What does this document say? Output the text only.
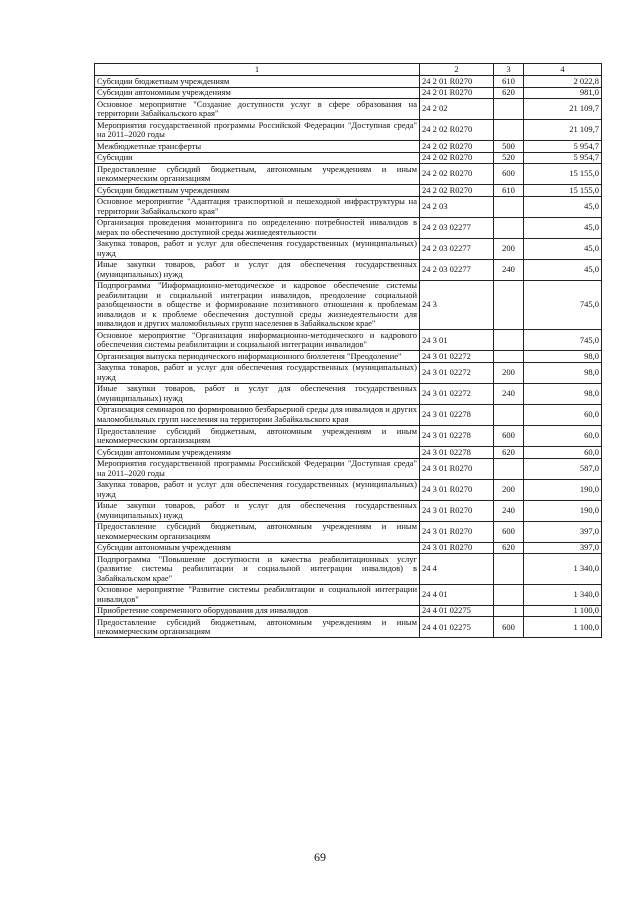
1	2	3	4
Субсидии бюджетным учреждениям	24 2 01 R0270	610	2 022,8
Субсидии автономным учреждениям	24 2 01 R0270	620	981,0
Основное мероприятие "Создание доступности услуг в сфере образования на территории Забайкальского края"	24 2 02		21 109,7
Мероприятия государственной программы Российской Федерации "Доступная среда" на 2011–2020 годы	24 2 02 R0270		21 109,7
Межбюджетные трансферты	24 2 02 R0270	500	5 954,7
Субсидии	24 2 02 R0270	520	5 954,7
Предоставление субсидий бюджетным, автономным учреждениям и иным некоммерческим организациям	24 2 02 R0270	600	15 155,0
Субсидии бюджетным учреждениям	24 2 02 R0270	610	15 155,0
Основное мероприятие "Адаптация транспортной и пешеходной инфраструктуры на территории Забайкальского края"	24 2 03		45,0
Организация проведения мониторинга по определению потребностей инвалидов в мерах по обеспечению доступной среды жизнедеятельности	24 2 03 02277		45,0
Закупка товаров, работ и услуг для обеспечения государственных (муниципальных) нужд	24 2 03 02277	200	45,0
Иные закупки товаров, работ и услуг для обеспечения государственных (муниципальных) нужд	24 2 03 02277	240	45,0
Подпрограмма "Информационно-методическое и кадровое обеспечение системы реабилитации и социальной интеграции инвалидов, преодоление социальной разобщенности в обществе и формирование позитивного отношения к проблемам инвалидов и к проблеме обеспечения доступной среды жизнедеятельности для инвалидов и других маломобильных групп населения в Забайкальском крае"	24 3		745,0
Основное мероприятие "Организация информационно-методического и кадрового обеспечения системы реабилитации и социальной интеграции инвалидов"	24 3 01		745,0
Организация выпуска периодического информационного бюллетеня "Преодоление"	24 3 01 02272		98,0
Закупка товаров, работ и услуг для обеспечения государственных (муниципальных) нужд	24 3 01 02272	200	98,0
Иные закупки товаров, работ и услуг для обеспечения государственных (муниципальных) нужд	24 3 01 02272	240	98,0
Организация семинаров по формированию безбарьерной среды для инвалидов и других маломобильных групп населения на территории Забайкальского края	24 3 01 02278		60,0
Предоставление субсидий бюджетным, автономным учреждениям и иным некоммерческим организациям	24 3 01 02278	600	60,0
Субсидии автономным учреждениям	24 3 01 02278	620	60,0
Мероприятия государственной программы Российской Федерации "Доступная среда" на 2011–2020 годы	24 3 01 R0270		587,0
Закупка товаров, работ и услуг для обеспечения государственных (муниципальных) нужд	24 3 01 R0270	200	190,0
Иные закупки товаров, работ и услуг для обеспечения государственных (муниципальных) нужд	24 3 01 R0270	240	190,0
Предоставление субсидий бюджетным, автономным учреждениям и иным некоммерческим организациям	24 3 01 R0270	600	397,0
Субсидии автономным учреждениям	24 3 01 R0270	620	397,0
Подпрограмма "Повышение доступности и качества реабилитационных услуг (развитие системы реабилитации и социальной интеграции инвалидов) в Забайкальском крае"	24 4		1 340,0
Основное мероприятие "Развитие системы реабилитации и социальной интеграции инвалидов"	24 4 01		1 340,0
Приобретение современного оборудования для инвалидов	24 4 01 02275		1 100,0
Предоставление субсидий бюджетным, автономным учреждениям и иным некоммерческим организациям	24 4 01 02275	600	1 100,0
69
